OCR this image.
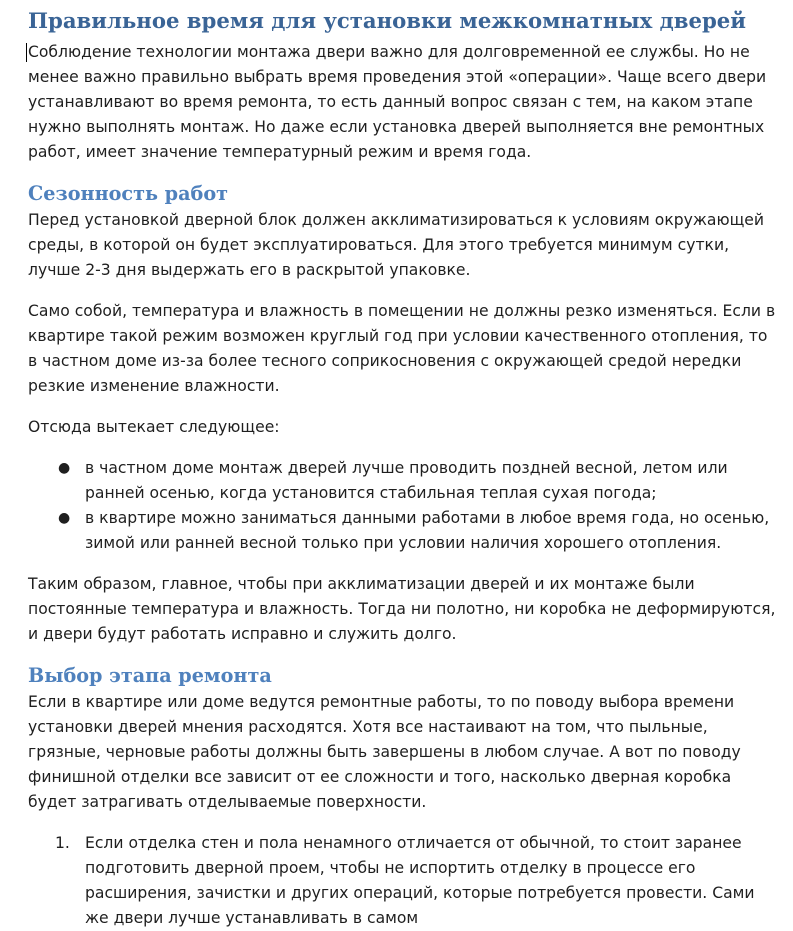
Правильное время для установки межкомнатных дверей

Соблюдение технологии монтажа двери важно для долговременной ее службы. Но не менее важно правильно выбрать время проведения этой «операции». Чаще всего двери устанавливают во время ремонта, то есть данный вопрос связан с тем, на каком этапе нужно выполнять монтаж. Но даже если установка дверей выполняется вне ремонтных работ, имеет значение температурный режим и время года.

Сезонность работ

Перед установкой дверной блок должен акклиматизироваться к условиям окружающей среды, в которой он будет эксплуатироваться. Для этого требуется минимум сутки, лучше 2-3 дня выдержать его в раскрытой упаковке.

Само собой, температура и влажность в помещении не должны резко изменяться. Если в квартире такой режим возможен круглый год при условии качественного отопления, то в частном доме из-за более тесного соприкосновения с окружающей средой нередки резкие изменение влажности.

Отсюда вытекает следующее:

● в частном доме монтаж дверей лучше проводить поздней весной, летом или ранней осенью, когда установится стабильная теплая сухая погода;
● в квартире можно заниматься данными работами в любое время года, но осенью, зимой или ранней весной только при условии наличия хорошего отопления.

Таким образом, главное, чтобы при акклиматизации дверей и их монтаже были постоянные температура и влажность. Тогда ни полотно, ни коробка не деформируются, и двери будут работать исправно и служить долго.

Выбор этапа ремонта

Если в квартире или доме ведутся ремонтные работы, то по поводу выбора времени установки дверей мнения расходятся. Хотя все настаивают на том, что пыльные, грязные, черновые работы должны быть завершены в любом случае. А вот по поводу финишной отделки все зависит от ее сложности и того, насколько дверная коробка будет затрагивать отделываемые поверхности.

1. Если отделка стен и пола ненамного отличается от обычной, то стоит заранее подготовить дверной проем, чтобы не испортить отделку в процессе его расширения, зачистки и других операций, которые потребуется провести. Сами же двери лучше устанавливать в самом
